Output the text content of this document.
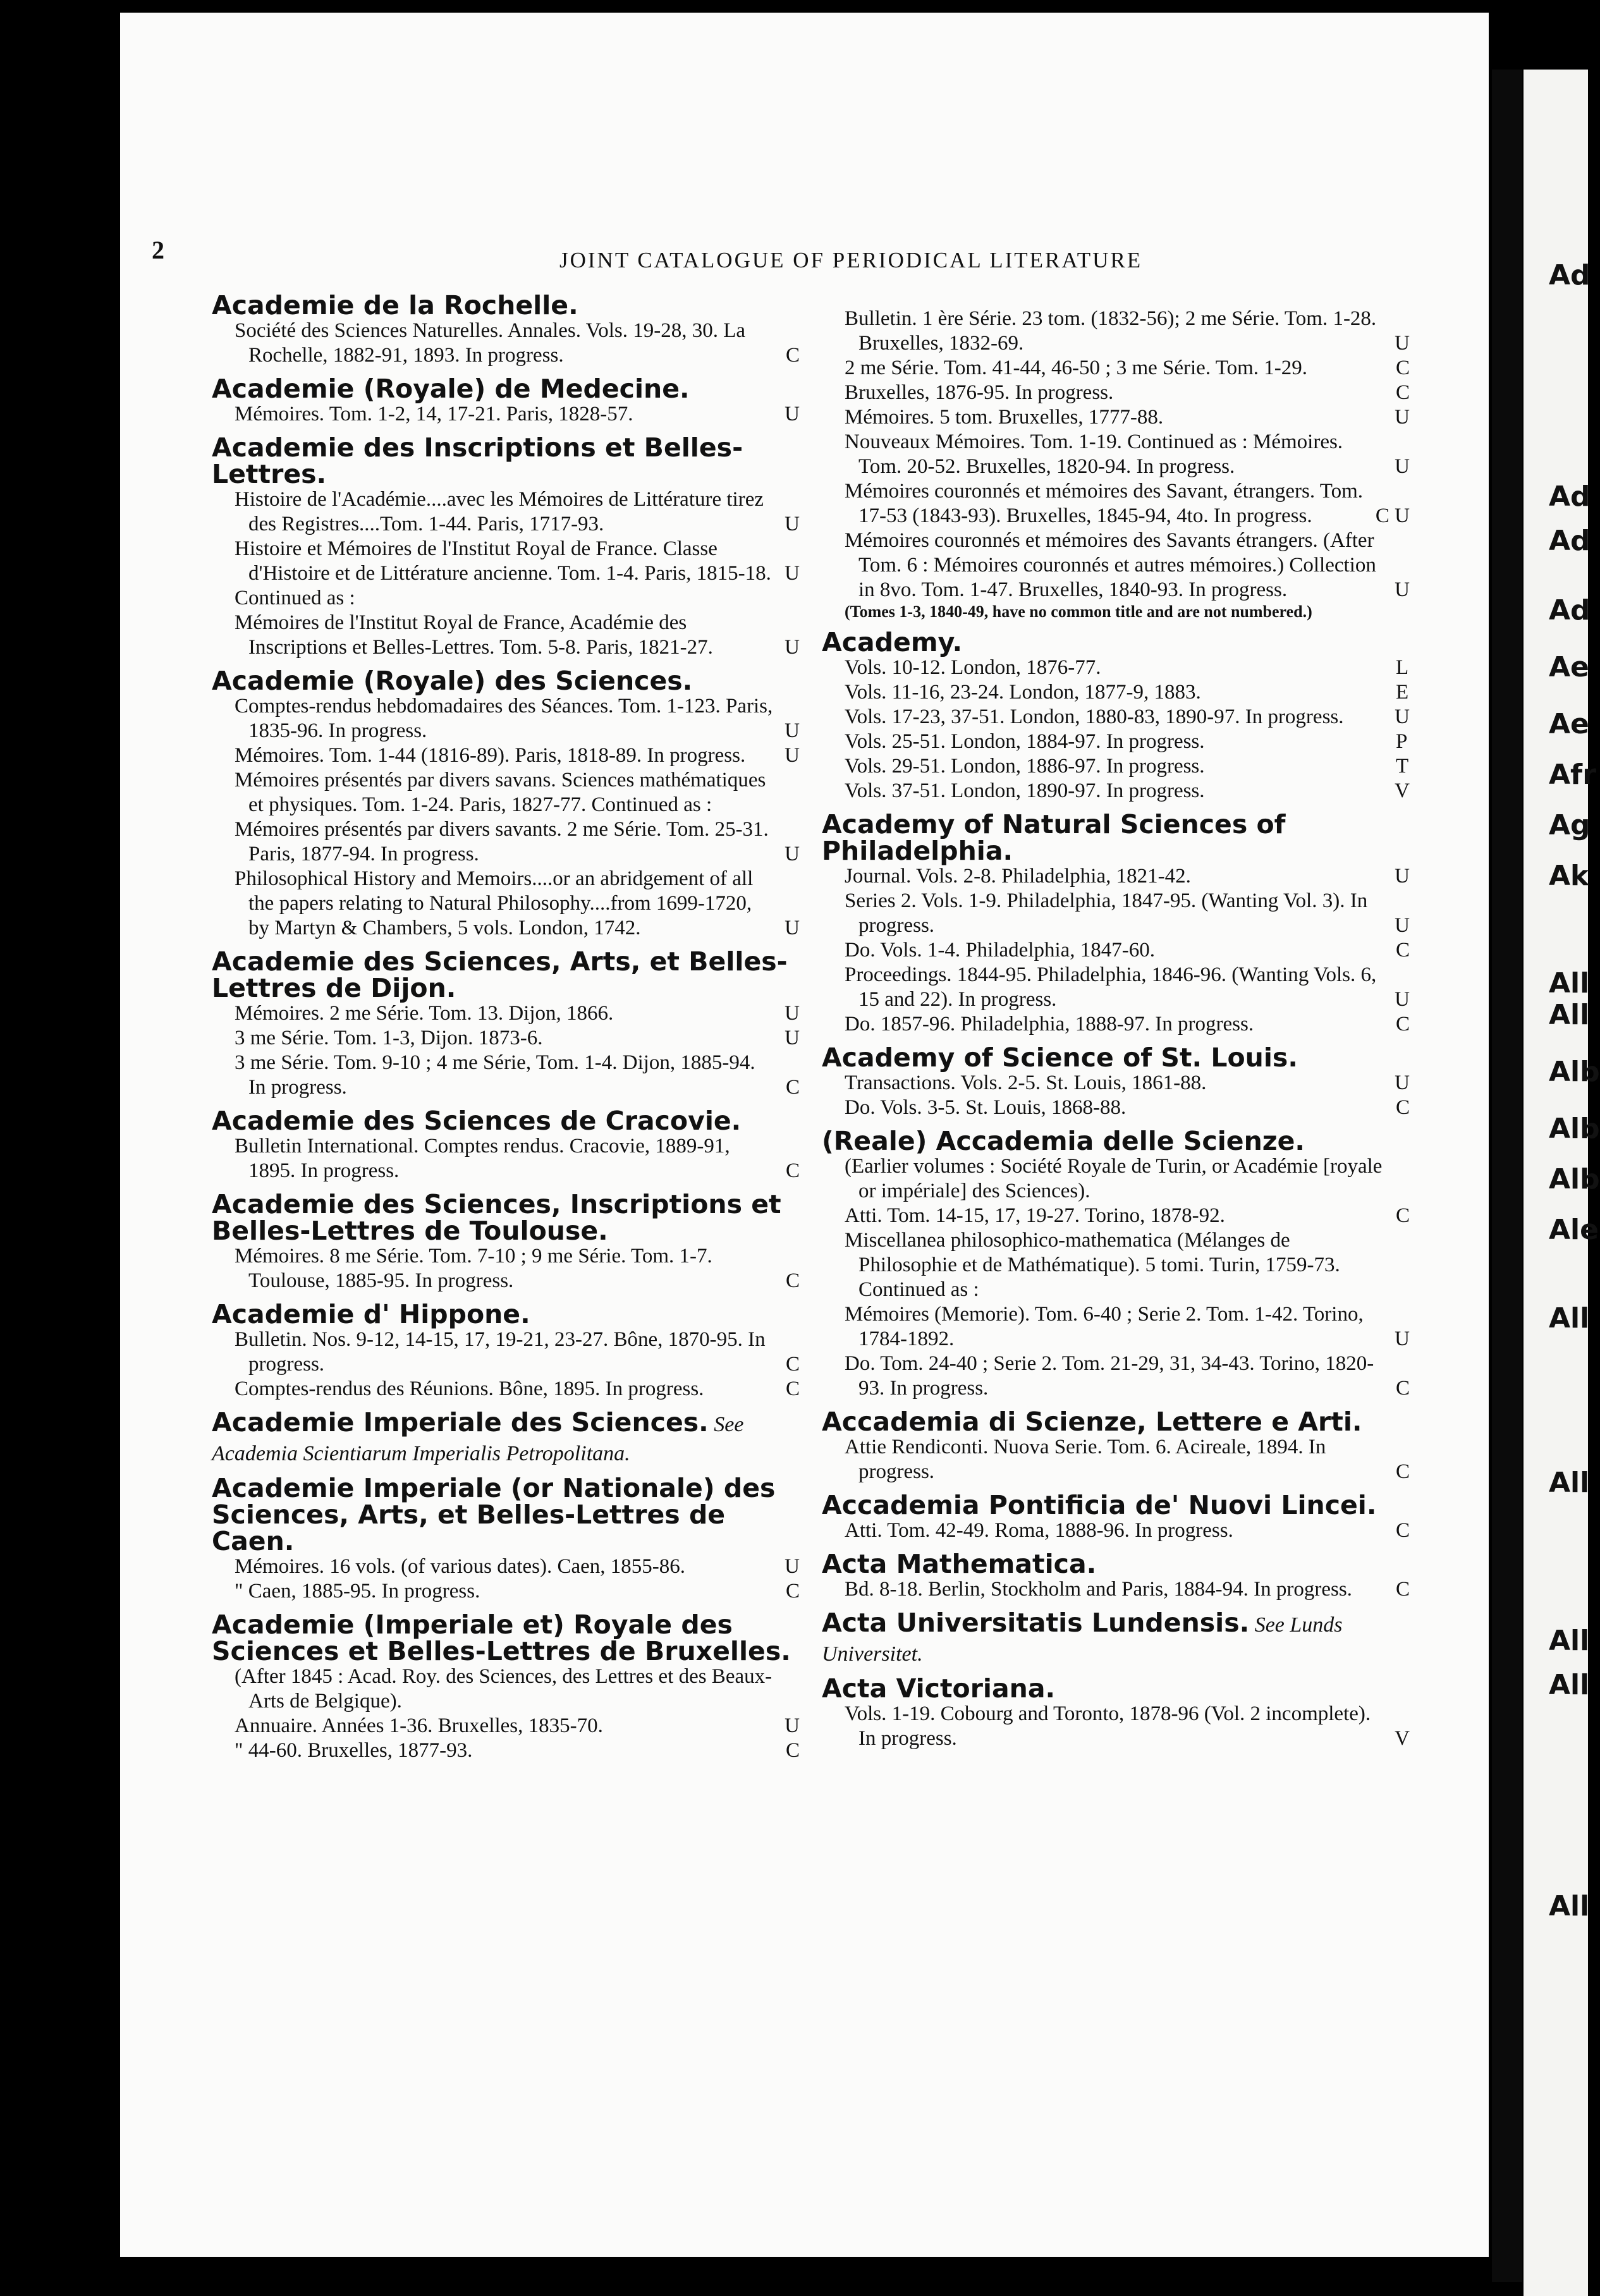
Ad
Ad
Ad
Ad
Ae
Ae
Afr
Ag
Ak
All
All
Alb
Alb
Alb
Ale
All
All
All
All
All
2	JOINT CATALOGUE OF PERIODICAL LITERATURE
Academie de la Rochelle.
Société des Sciences Naturelles. Annales. Vols. 19-28, 30. La Rochelle, 1882-91, 1893. In progress.	C
Academie (Royale) de Medecine.
Mémoires. Tom. 1-2, 14, 17-21. Paris, 1828-57.	U
Academie des Inscriptions et Belles-Lettres.
Histoire de l'Académie....avec les Mémoires de Littérature tirez des Registres....Tom. 1-44. Paris, 1717-93.	U
Histoire et Mémoires de l'Institut Royal de France. Classe d'Histoire et de Littérature ancienne. Tom. 1-4. Paris, 1815-18. U
Continued as :
Mémoires de l'Institut Royal de France, Académie des Inscriptions et Belles-Lettres. Tom. 5-8. Paris, 1821-27.	U
Academie (Royale) des Sciences.
Comptes-rendus hebdomadaires des Séances. Tom. 1-123. Paris, 1835-96. In progress.	U
Mémoires. Tom. 1-44 (1816-89). Paris, 1818-89. In progress. U
Mémoires présentés par divers savans. Sciences mathématiques et physiques. Tom. 1-24. Paris, 1827-77. Continued as :
Mémoires présentés par divers savants. 2 me Série. Tom. 25-31. Paris, 1877-94. In progress.	U
Philosophical History and Memoirs....or an abridgement of all the papers relating to Natural Philosophy....from 1699-1720, by Martyn & Chambers, 5 vols. London, 1742.	U
Academie des Sciences, Arts, et Belles-Lettres de Dijon.
Mémoires. 2 me Série. Tom. 13. Dijon, 1866.	U
3 me Série. Tom. 1-3, Dijon. 1873-6.	U
3 me Série. Tom. 9-10 ; 4 me Série, Tom. 1-4. Dijon, 1885-94. In progress.	C
Academie des Sciences de Cracovie.
Bulletin International. Comptes rendus. Cracovie, 1889-91, 1895. In progress.	C
Academie des Sciences, Inscriptions et Belles-Lettres de Toulouse.
Mémoires. 8 me Série. Tom. 7-10 ; 9 me Série. Tom. 1-7. Toulouse, 1885-95. In progress.	C
Academie d' Hippone.
Bulletin. Nos. 9-12, 14-15, 17, 19-21, 23-27. Bône, 1870-95. In progress.	C
Comptes-rendus des Réunions. Bône, 1895. In progress.	C
Academie Imperiale des Sciences. See Academia Scientiarum Imperialis Petropolitana.
Academie Imperiale (or Nationale) des Sciences, Arts, et Belles-Lettres de Caen.
Mémoires. 16 vols. (of various dates). Caen, 1855-86.	U
" Caen, 1885-95. In progress.	C
Academie (Imperiale et) Royale des Sciences et Belles-Lettres de Bruxelles.
(After 1845 : Acad. Roy. des Sciences, des Lettres et des Beaux-Arts de Belgique).
Annuaire. Années 1-36. Bruxelles, 1835-70.	U
" 44-60. Bruxelles, 1877-93.	C
Bulletin. 1 ère Série. 23 tom. (1832-56); 2 me Série. Tom. 1-28. Bruxelles, 1832-69.	U
2 me Série. Tom. 41-44, 46-50 ; 3 me Série. Tom. 1-29.	C
Bruxelles, 1876-95. In progress.	C
Mémoires. 5 tom. Bruxelles, 1777-88.	U
Nouveaux Mémoires. Tom. 1-19. Continued as : Mémoires. Tom. 20-52. Bruxelles, 1820-94. In progress.	U
Mémoires couronnés et mémoires des Savant, étrangers. Tom. 17-53 (1843-93). Bruxelles, 1845-94, 4to. In progress.	C U
Mémoires couronnés et mémoires des Savants étrangers. (After Tom. 6 : Mémoires couronnés et autres mémoires.) Collection in 8vo. Tom. 1-47. Bruxelles, 1840-93. In progress.	U
(Tomes 1-3, 1840-49, have no common title and are not numbered.)
Academy.
Vols. 10-12. London, 1876-77.	L
Vols. 11-16, 23-24. London, 1877-9, 1883.	E
Vols. 17-23, 37-51. London, 1880-83, 1890-97. In progress. U
Vols. 25-51. London, 1884-97. In progress.	P
Vols. 29-51. London, 1886-97. In progress.	T
Vols. 37-51. London, 1890-97. In progress.	V
Academy of Natural Sciences of Philadelphia.
Journal. Vols. 2-8. Philadelphia, 1821-42.	U
Series 2. Vols. 1-9. Philadelphia, 1847-95. (Wanting Vol. 3). In progress.	U
Do. Vols. 1-4. Philadelphia, 1847-60.	C
Proceedings. 1844-95. Philadelphia, 1846-96. (Wanting Vols. 6, 15 and 22). In progress.	U
Do. 1857-96. Philadelphia, 1888-97. In progress.	C
Academy of Science of St. Louis.
Transactions. Vols. 2-5. St. Louis, 1861-88.	U
Do. Vols. 3-5. St. Louis, 1868-88.	C
(Reale) Accademia delle Scienze.
(Earlier volumes : Société Royale de Turin, or Académie [royale or impériale] des Sciences).
Atti. Tom. 14-15, 17, 19-27. Torino, 1878-92.	C
Miscellanea philosophico-mathematica (Mélanges de Philosophie et de Mathématique). 5 tomi. Turin, 1759-73. Continued as :
Mémoires (Memorie). Tom. 6-40 ; Serie 2. Tom. 1-42. Torino, 1784-1892.	U
Do. Tom. 24-40 ; Serie 2. Tom. 21-29, 31, 34-43. Torino, 1820-93. In progress.	C
Accademia di Scienze, Lettere e Arti.
Attie Rendiconti. Nuova Serie. Tom. 6. Acireale, 1894. In progress.	C
Accademia Pontificia de' Nuovi Lincei.
Atti. Tom. 42-49. Roma, 1888-96. In progress.	C
Acta Mathematica.
Bd. 8-18. Berlin, Stockholm and Paris, 1884-94. In progress. C
Acta Universitatis Lundensis. See Lunds Universitet.
Acta Victoriana.
Vols. 1-19. Cobourg and Toronto, 1878-96 (Vol. 2 incomplete). In progress.	V
